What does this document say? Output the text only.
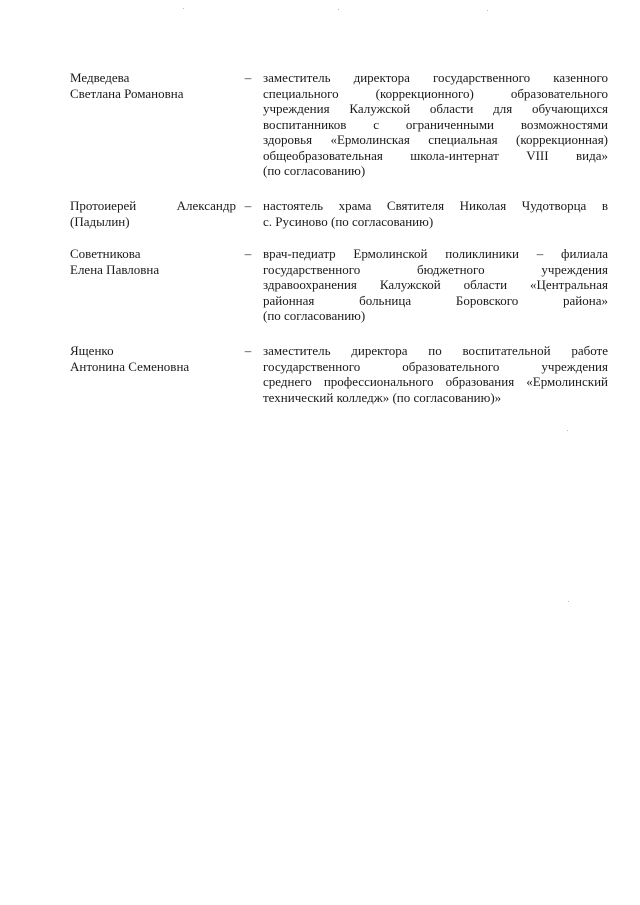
Медведева
Светлана Романовна
– заместитель директора государственного казенного
специального (коррекционного) образовательного
учреждения Калужской области для обучающихся
воспитанников с ограниченными возможностями
здоровья «Ермолинская специальная (коррекционная)
общеобразовательная школа-интернат VIII вида»
(по согласованию)
Протоиерей Александр
(Падылин)
– настоятель храма Святителя Николая Чудотворца в
с. Русиново (по согласованию)
Советникова
Елена Павловна
– врач-педиатр Ермолинской поликлиники – филиала
государственного бюджетного учреждения
здравоохранения Калужской области «Центральная
районная больница Боровского района»
(по согласованию)
Ященко
Антонина Семеновна
– заместитель директора по воспитательной работе
государственного образовательного учреждения
среднего профессионального образования «Ермолинский
технический колледж» (по согласованию)»
